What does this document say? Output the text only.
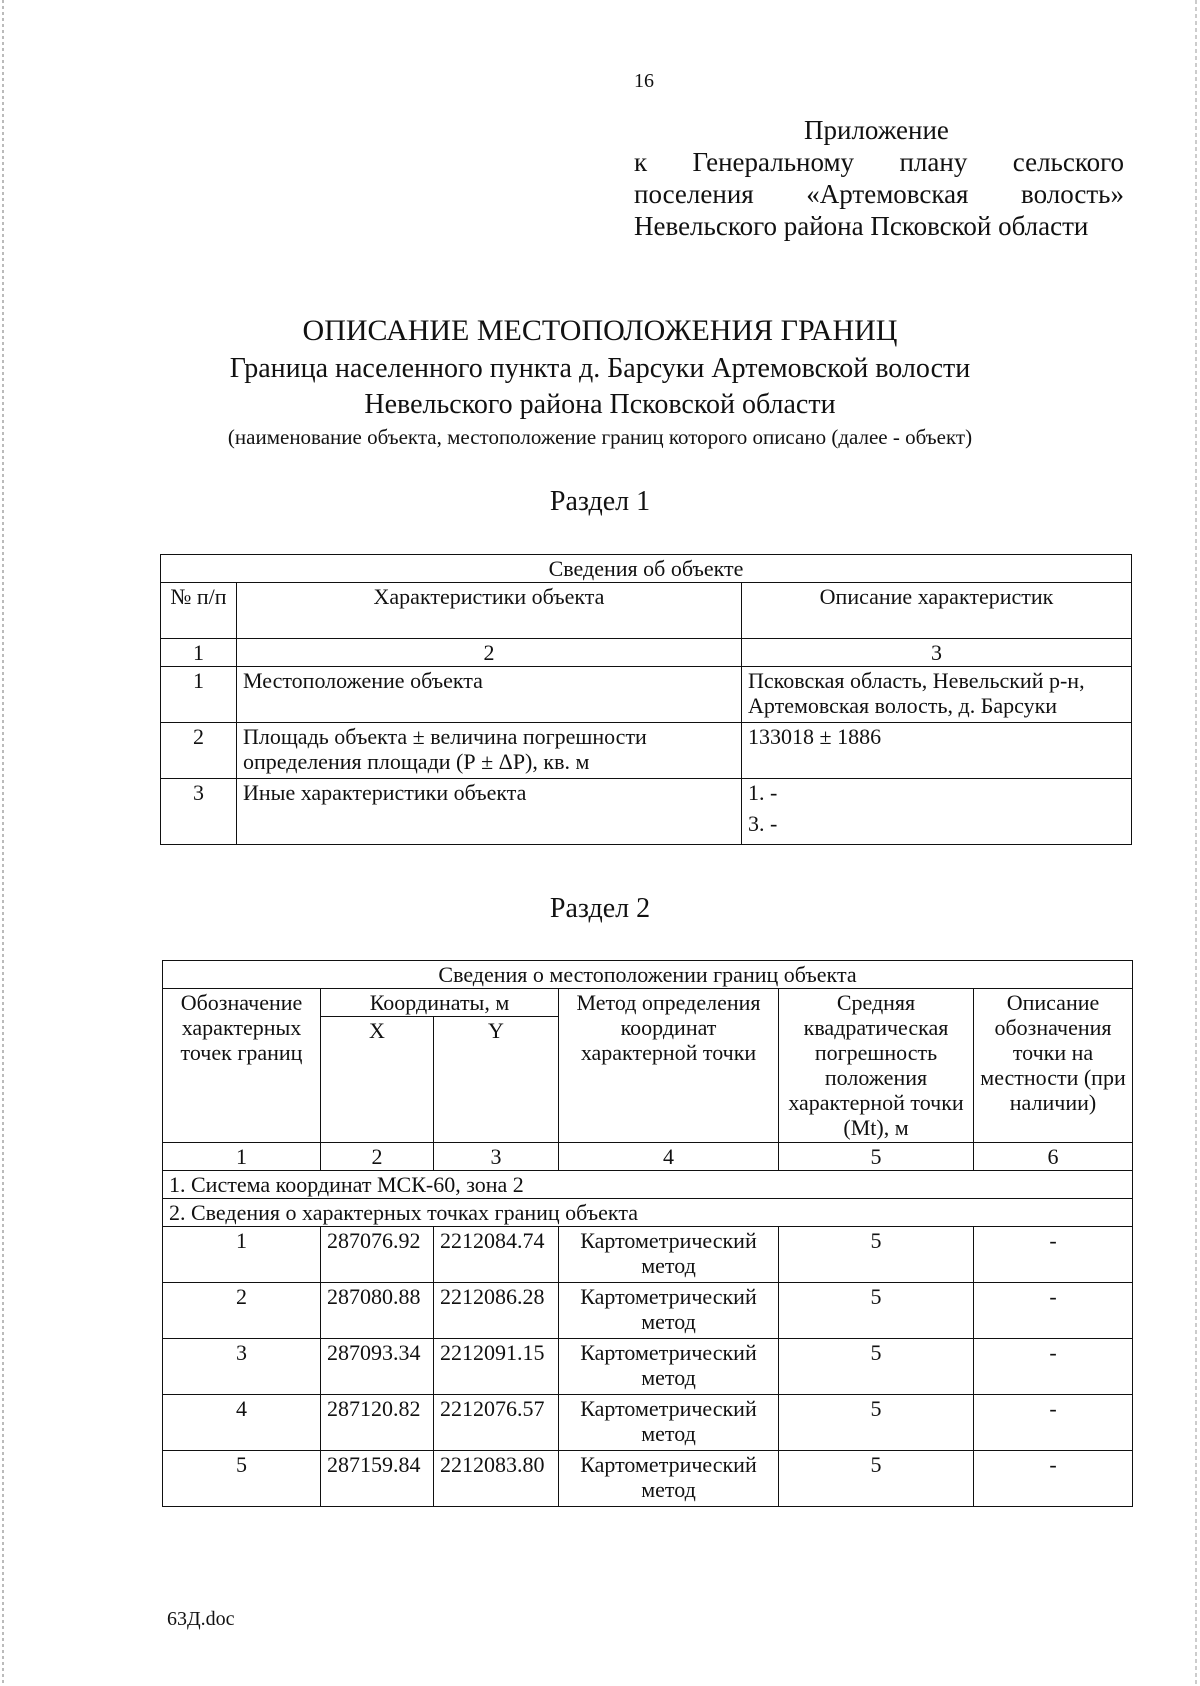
16
Приложение
к Генеральному плану сельского
поселения «Артемовская волость»
Невельского района Псковской области
ОПИСАНИЕ МЕСТОПОЛОЖЕНИЯ ГРАНИЦ
Граница населенного пункта д. Барсуки Артемовской волости
Невельского района Псковской области
(наименование объекта, местоположение границ которого описано (далее - объект)
Раздел 1
Сведения об объекте		
№ п/п	Характеристики объекта	Описание характеристик
1	2	3
1	Местоположение объекта	Псковская область, Невельский р-н, Артемовская волость, д. Барсуки
2	Площадь объекта ± величина погрешности определения площади (Р ± ΔР), кв. м	133018 ± 1886
3	Иные характеристики объекта	1. -
3. -
Раздел 2
Сведения о местоположении границ объекта					
Обозначение характерных точек границ	Координаты, м		Метод определения координат характерной точки	Средняя квадратическая погрешность положения характерной точки (Mt), м	Описание обозначения точки на местности (при наличии)
	X	Y			
1	2	3	4	5	6
1. Система координат МСК-60, зона 2					
2. Сведения о характерных точках границ объекта					
1	287076.92	2212084.74	Картометрический метод	5	-
2	287080.88	2212086.28	Картометрический метод	5	-
3	287093.34	2212091.15	Картометрический метод	5	-
4	287120.82	2212076.57	Картометрический метод	5	-
5	287159.84	2212083.80	Картометрический метод	5	-
63Д.doc
